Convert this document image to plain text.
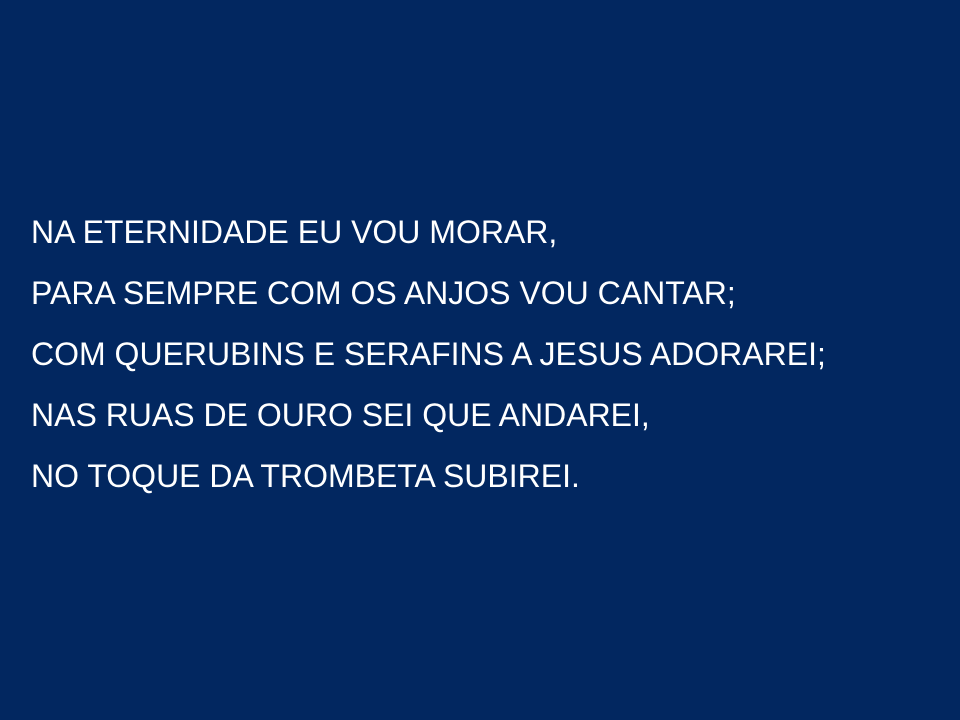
NA ETERNIDADE EU VOU MORAR,
PARA SEMPRE COM OS ANJOS VOU CANTAR;
COM QUERUBINS E SERAFINS A JESUS ADORAREI;
NAS RUAS DE OURO SEI QUE ANDAREI,
NO TOQUE DA TROMBETA SUBIREI.
